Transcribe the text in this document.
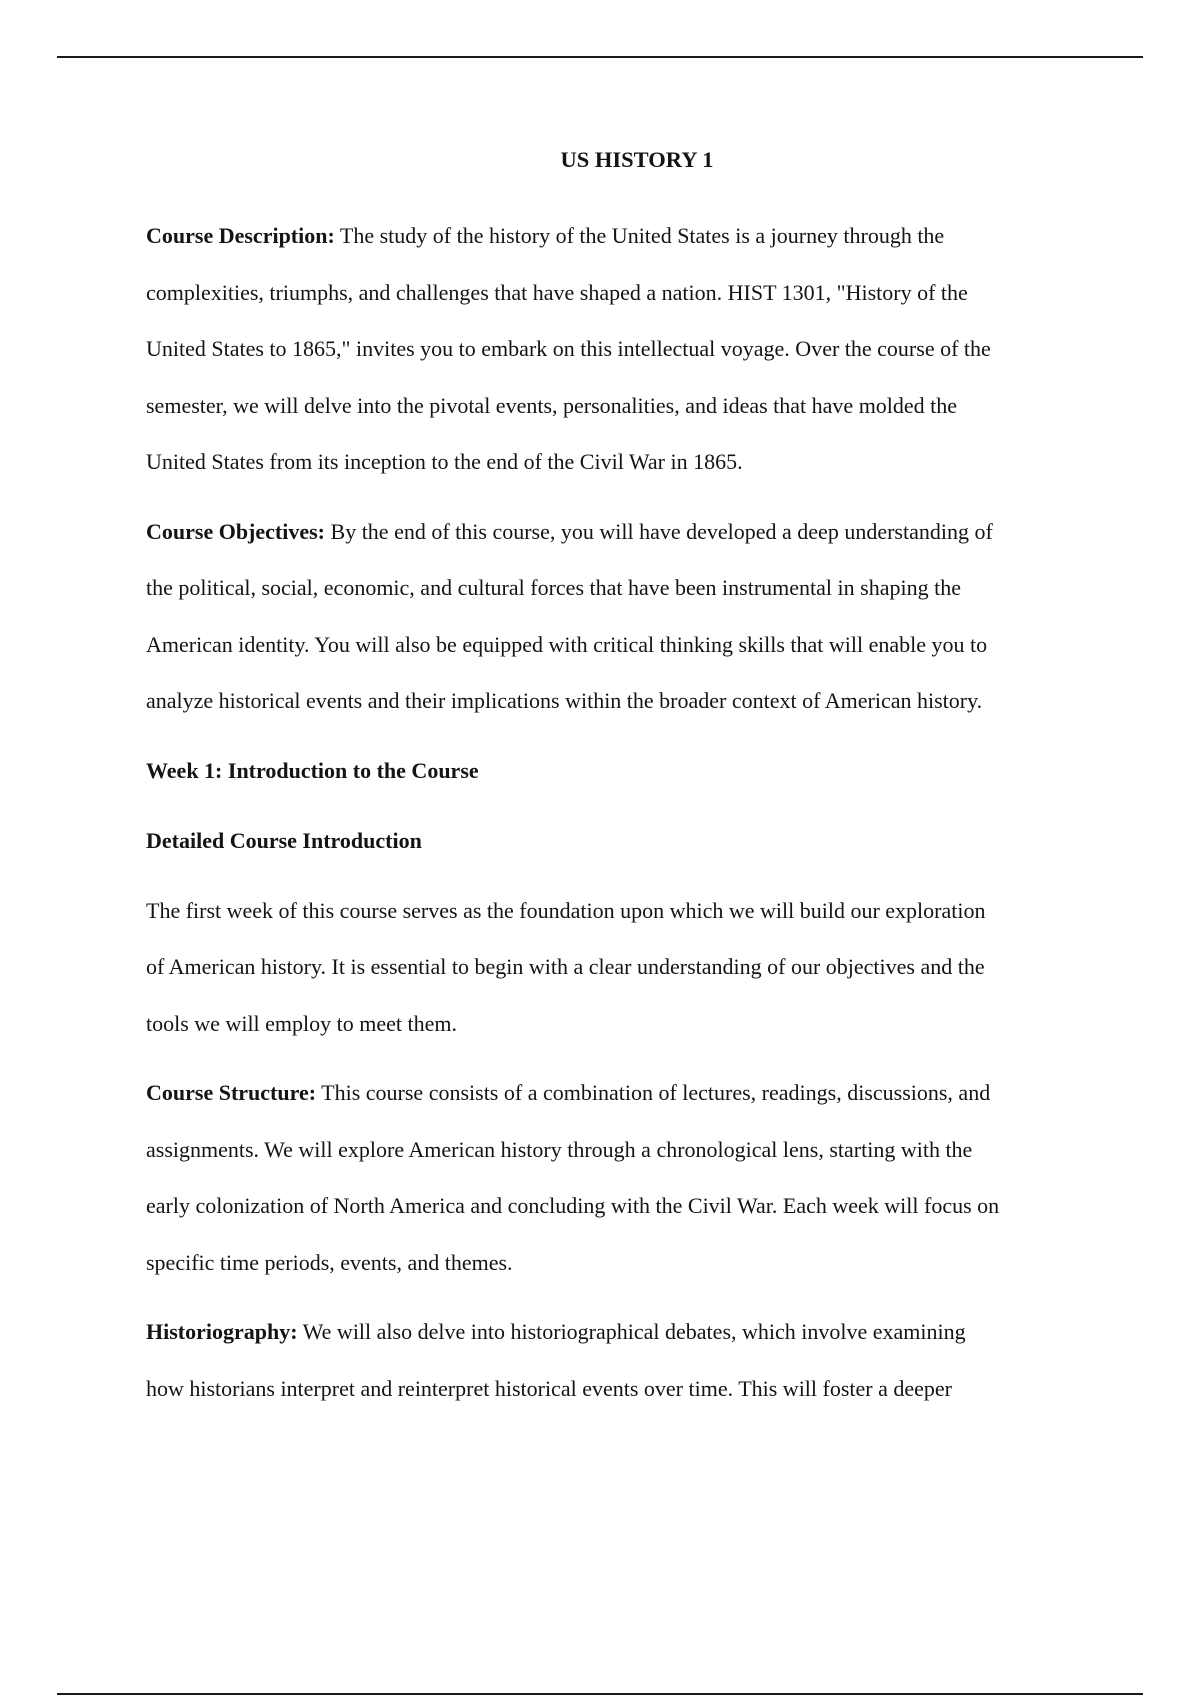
US HISTORY 1
Course Description: The study of the history of the United States is a journey through the
complexities, triumphs, and challenges that have shaped a nation. HIST 1301, "History of the
United States to 1865," invites you to embark on this intellectual voyage. Over the course of the
semester, we will delve into the pivotal events, personalities, and ideas that have molded the
United States from its inception to the end of the Civil War in 1865.
Course Objectives: By the end of this course, you will have developed a deep understanding of
the political, social, economic, and cultural forces that have been instrumental in shaping the
American identity. You will also be equipped with critical thinking skills that will enable you to
analyze historical events and their implications within the broader context of American history.
Week 1: Introduction to the Course
Detailed Course Introduction
The first week of this course serves as the foundation upon which we will build our exploration
of American history. It is essential to begin with a clear understanding of our objectives and the
tools we will employ to meet them.
Course Structure: This course consists of a combination of lectures, readings, discussions, and
assignments. We will explore American history through a chronological lens, starting with the
early colonization of North America and concluding with the Civil War. Each week will focus on
specific time periods, events, and themes.
Historiography: We will also delve into historiographical debates, which involve examining
how historians interpret and reinterpret historical events over time. This will foster a deeper
